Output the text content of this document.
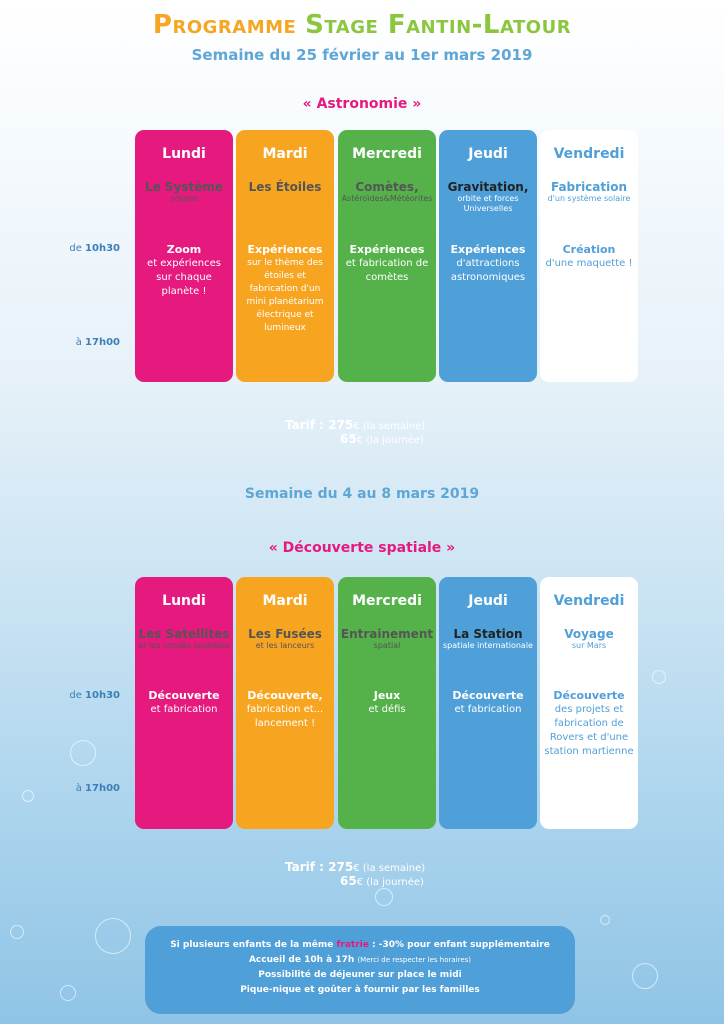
Programme Stage Fantin-Latour
Semaine du 25 février au 1er mars 2019
« Astronomie »
de 10h30
à 17h00
Lundi
Le Système
solaire
Zoom
et expériences sur chaque planète !
Mardi
Les Étoiles
Expériences
sur le thème des étoiles et fabrication d'un mini planétarium électrique et lumineux
Mercredi
Comètes,
Astéroïdes&Météorites
Expériences
et fabrication de comètes
Jeudi
Gravitation,
orbite et forces Universelles
Expériences
d'attractions astronomiques
Vendredi
Fabrication
d'un système solaire
Création
d'une maquette !
Tarif : 275€ (la semaine)
65€ (la journée)
Semaine du 4 au 8 mars 2019
« Découverte spatiale »
de 10h30
à 17h00
Lundi
Les Satellites
et les sondes spatiales
Découverte
et fabrication
Mardi
Les Fusées
et les lanceurs
Découverte,
fabrication et... lancement !
Mercredi
Entrainement
spatial
Jeux
et défis
Jeudi
La Station
spatiale internationale
Découverte
et fabrication
Vendredi
Voyage
sur Mars
Découverte
des projets et fabrication de Rovers et d'une station martienne
Tarif : 275€ (la semaine)
65€ (la journée)
Si plusieurs enfants de la même fratrie : -30% pour enfant supplémentaire
Accueil de 10h à 17h (Merci de respecter les horaires)
Possibilité de déjeuner sur place le midi
Pique-nique et goûter à fournir par les familles
